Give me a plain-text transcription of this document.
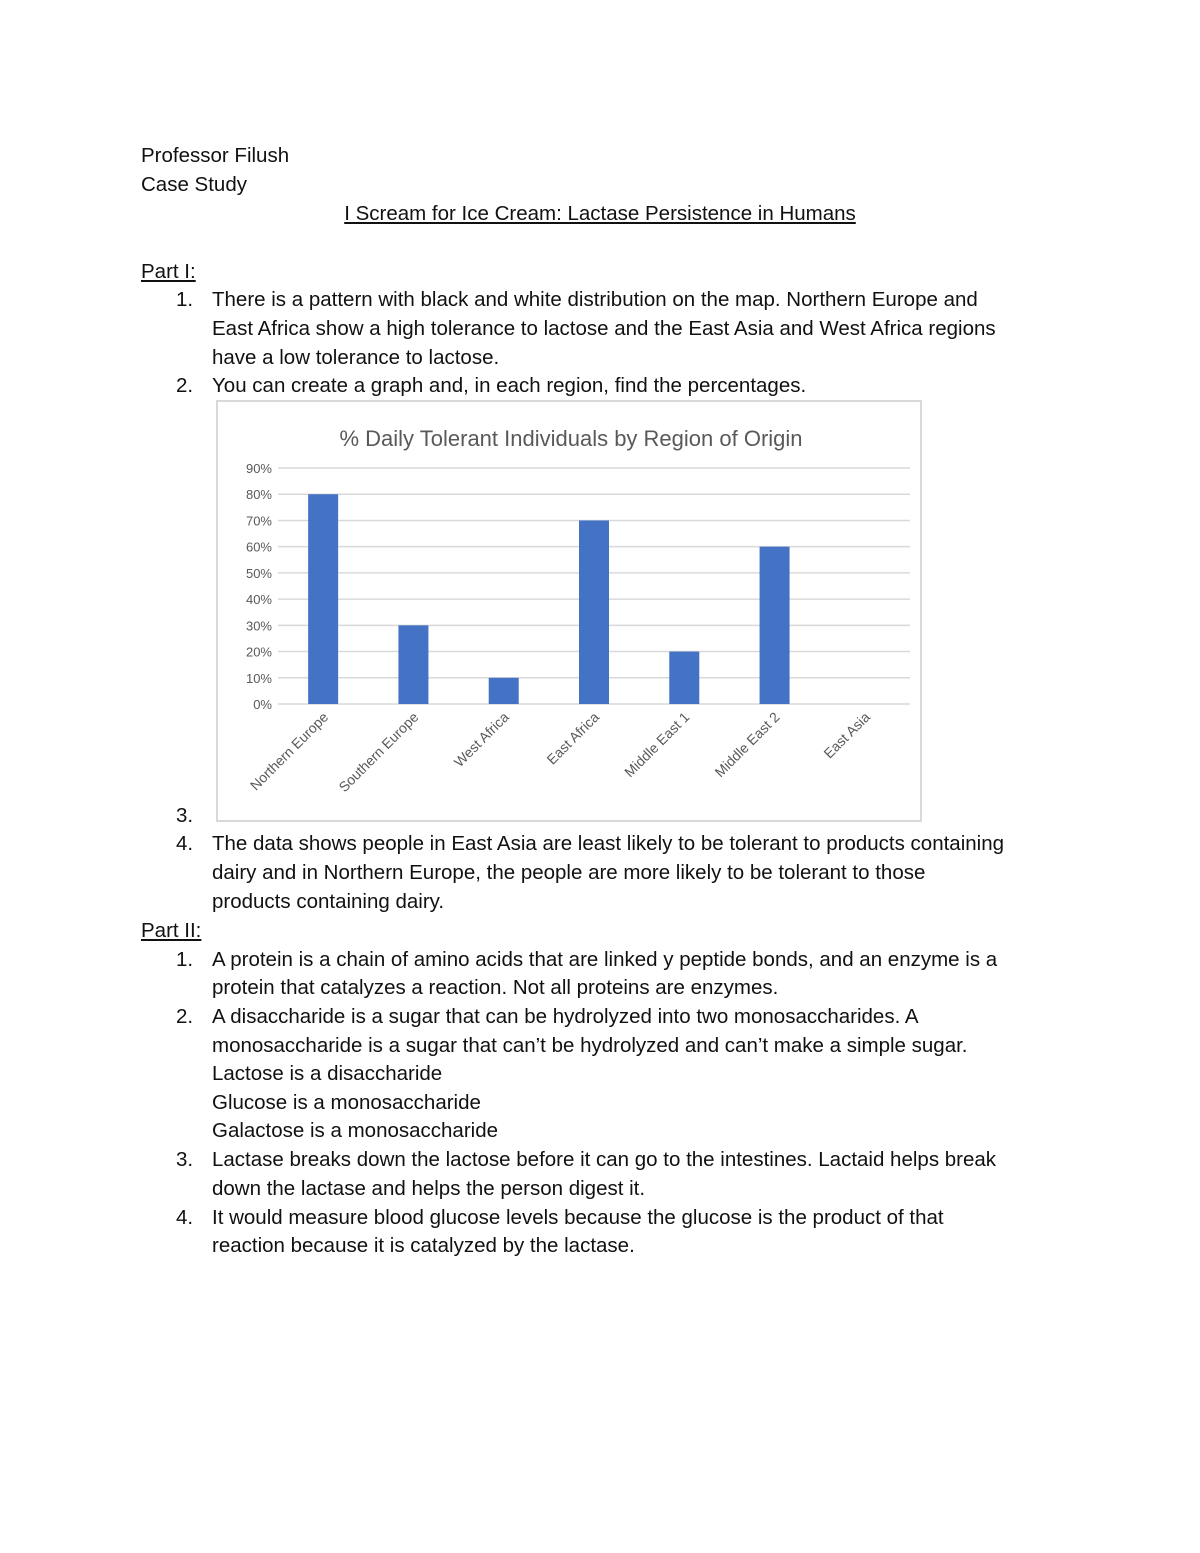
Professor Filush
Case Study
I Scream for Ice Cream: Lactase Persistence in Humans
Part I:
1. There is a pattern with black and white distribution on the map. Northern Europe and
East Africa show a high tolerance to lactose and the East Asia and West Africa regions
have a low tolerance to lactose.
2. You can create a graph and, in each region, find the percentages.
% Daily Tolerant Individuals by Region of Origin
0%
10%
20%
30%
40%
50%
60%
70%
80%
90%
Northern Europe Southern Europe West Africa East Africa Middle East 1 Middle East 2	East Asia
3.
4. The data shows people in East Asia are least likely to be tolerant to products containing
dairy and in Northern Europe, the people are more likely to be tolerant to those
products containing dairy.
Part II:
1. A protein is a chain of amino acids that are linked y peptide bonds, and an enzyme is a
protein that catalyzes a reaction. Not all proteins are enzymes.
2. A disaccharide is a sugar that can be hydrolyzed into two monosaccharides. A
monosaccharide is a sugar that can’t be hydrolyzed and can’t make a simple sugar.
Lactose is a disaccharide
Glucose is a monosaccharide
Galactose is a monosaccharide
3. Lactase breaks down the lactose before it can go to the intestines. Lactaid helps break
down the lactase and helps the person digest it.
4. It would measure blood glucose levels because the glucose is the product of that
reaction because it is catalyzed by the lactase.
